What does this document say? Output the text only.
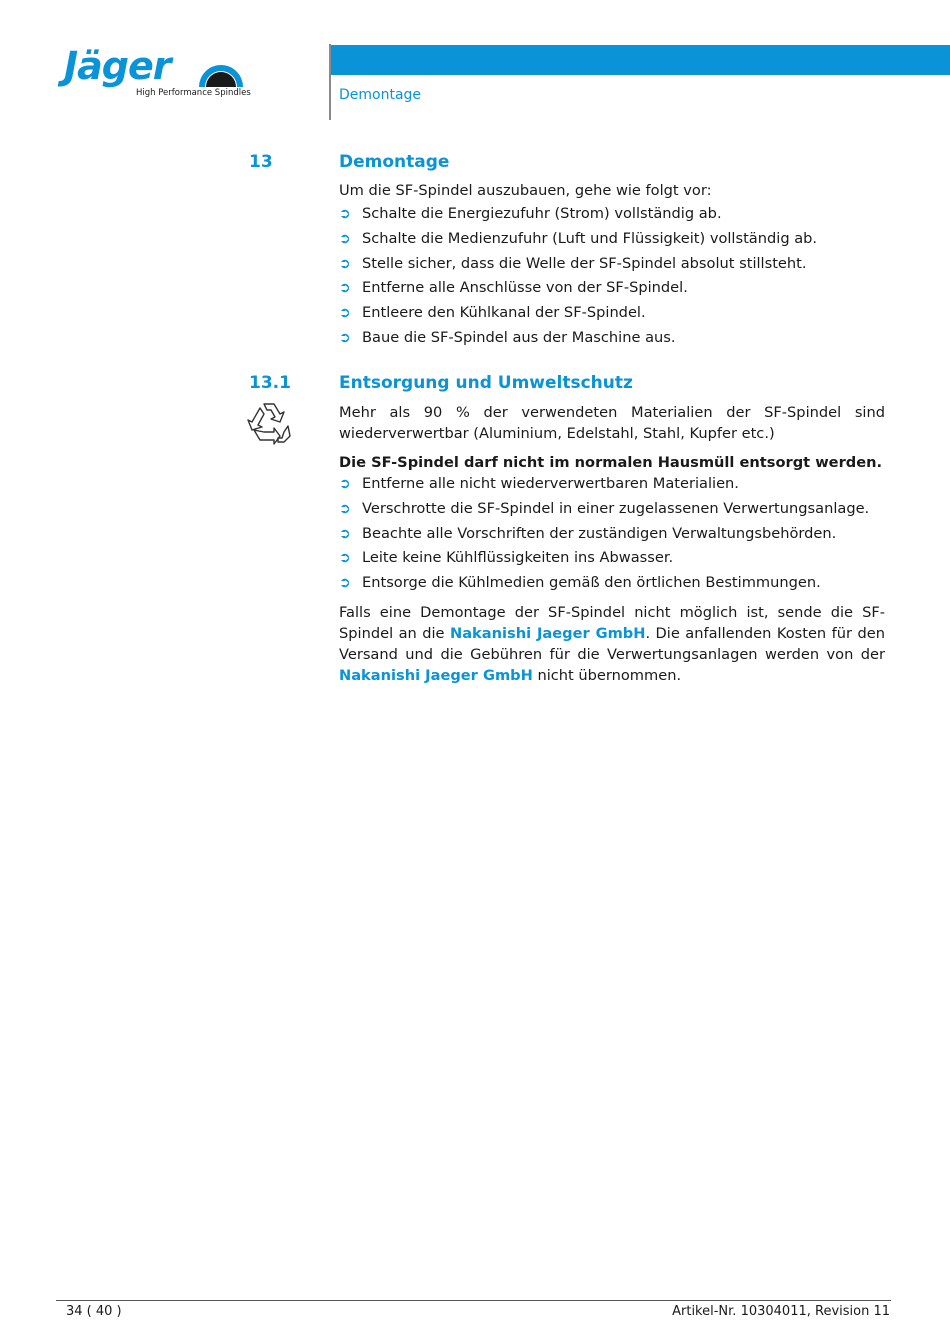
Jäger
High Performance Spindles	Demontage
13	Demontage

Um die SF-Spindel auszubauen, gehe wie folgt vor:

➲ Schalte die Energiezufuhr (Strom) vollständig ab.
➲ Schalte die Medienzufuhr (Luft und Flüssigkeit) vollständig ab.
➲ Stelle sicher, dass die Welle der SF-Spindel absolut stillsteht.
➲ Entferne alle Anschlüsse von der SF-Spindel.
➲ Entleere den Kühlkanal der SF-Spindel.
➲ Baue die SF-Spindel aus der Maschine aus.
13.1	Entsorgung und Umweltschutz

Mehr als 90 % der verwendeten Materialien der SF-Spindel sind wiederverwertbar (Aluminium, Edelstahl, Stahl, Kupfer etc.)

Die SF-Spindel darf nicht im normalen Hausmüll entsorgt werden.

➲ Entferne alle nicht wiederverwertbaren Materialien.
➲ Verschrotte die SF-Spindel in einer zugelassenen Verwertungsanlage.
➲ Beachte alle Vorschriften der zuständigen Verwaltungsbehörden.
➲ Leite keine Kühlflüssigkeiten ins Abwasser.
➲ Entsorge die Kühlmedien gemäß den örtlichen Bestimmungen.

Falls eine Demontage der SF-Spindel nicht möglich ist, sende die SF-Spindel an die Nakanishi Jaeger GmbH. Die anfallenden Kosten für den Versand und die Gebühren für die Verwertungsanlagen werden von der Nakanishi Jaeger GmbH nicht übernommen.

34 ( 40 )	Artikel-Nr. 10304011, Revision 11
